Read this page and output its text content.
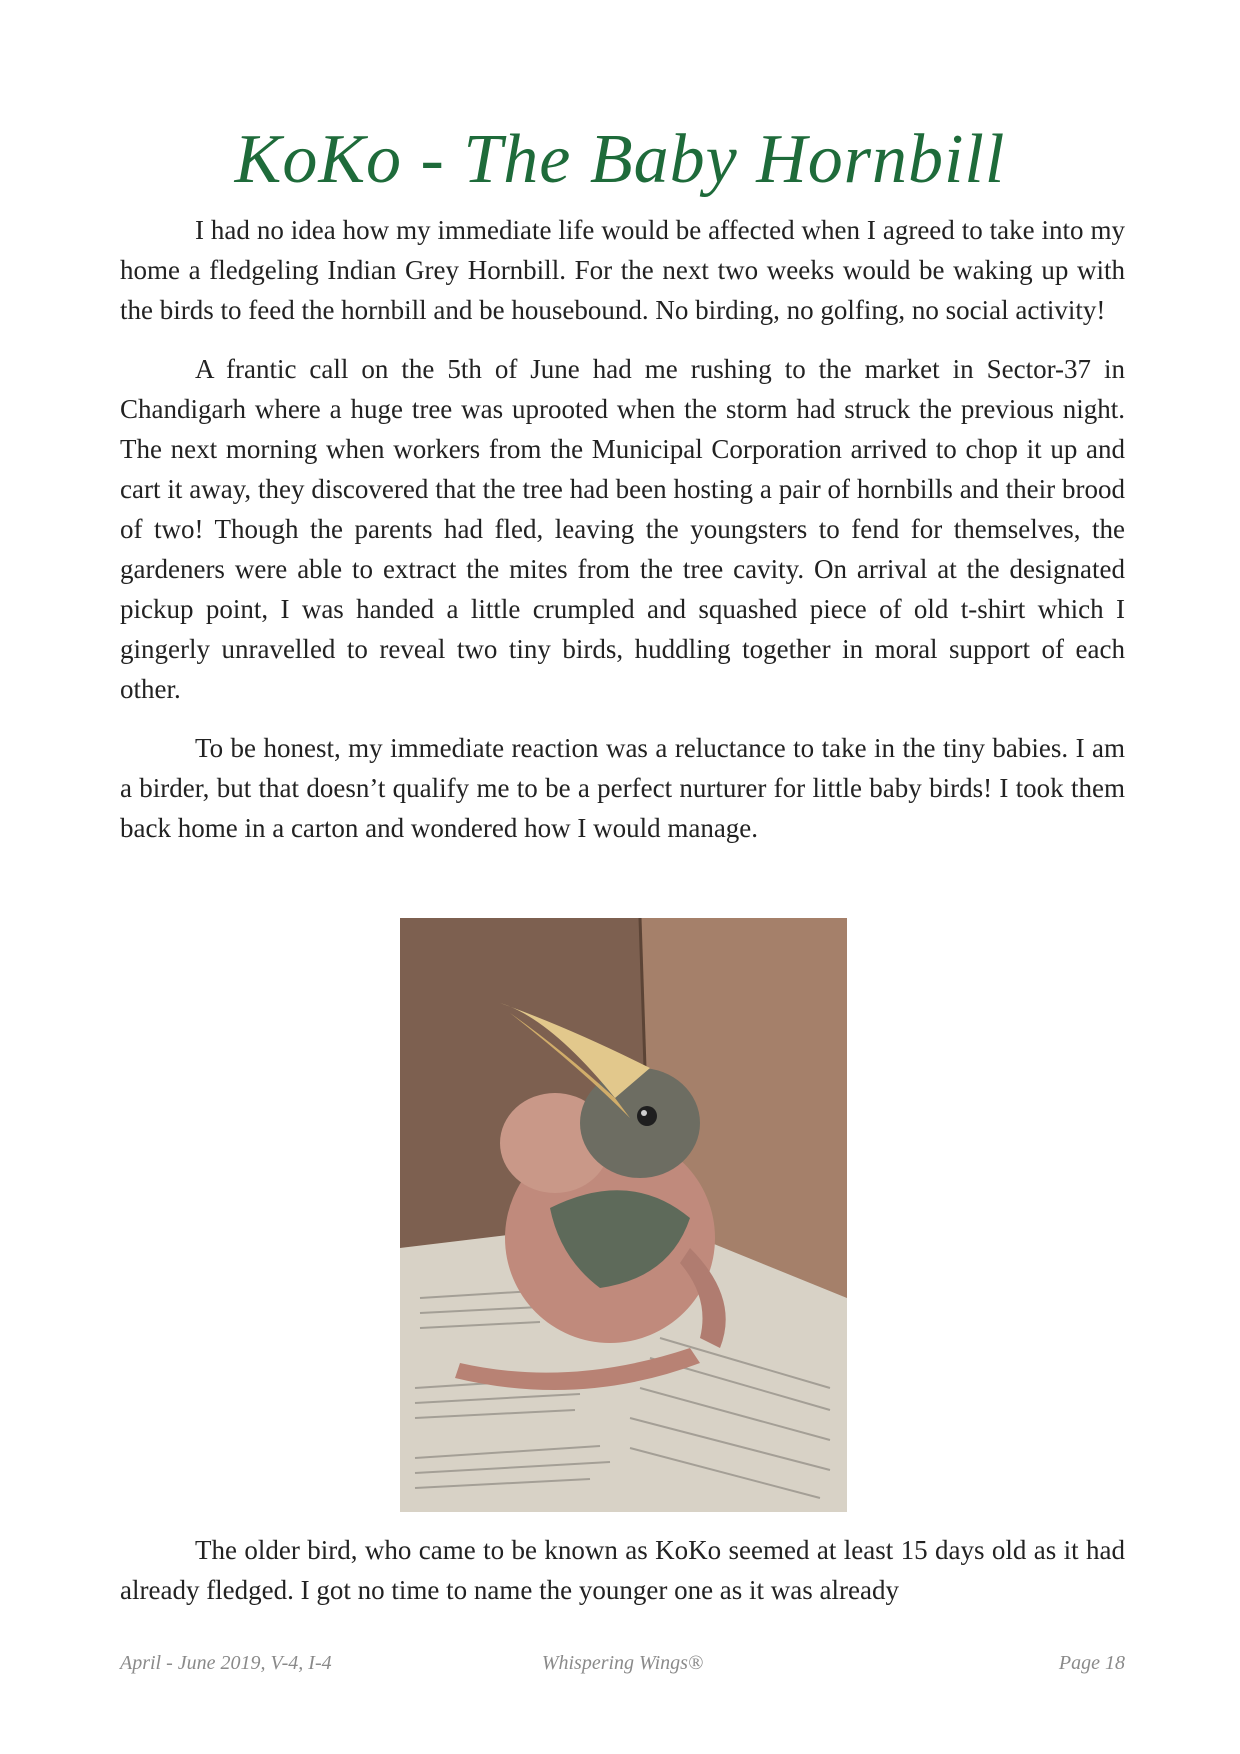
KoKo - The Baby Hornbill

I had no idea how my immediate life would be affected when I agreed to take into my home a fledgeling Indian Grey Hornbill. For the next two weeks would be waking up with the birds to feed the hornbill and be housebound. No birding, no golfing, no social activity!

A frantic call on the 5th of June had me rushing to the market in Sector-37 in Chandigarh where a huge tree was uprooted when the storm had struck the previous night. The next morning when workers from the Municipal Corporation arrived to chop it up and cart it away, they discovered that the tree had been hosting a pair of hornbills and their brood of two! Though the parents had fled, leaving the youngsters to fend for themselves, the gardeners were able to extract the mites from the tree cavity. On arrival at the designated pickup point, I was handed a little crumpled and squashed piece of old t-shirt which I gingerly unravelled to reveal two tiny birds, huddling together in moral support of each other.

To be honest, my immediate reaction was a reluctance to take in the tiny babies. I am a birder, but that doesn’t qualify me to be a perfect nurturer for little baby birds! I took them back home in a carton and wondered how I would manage.

The older bird, who came to be known as KoKo seemed at least 15 days old as it had already fledged. I got no time to name the younger one as it was already

April - June 2019, V-4, I-4	Whispering Wings®	Page 18
